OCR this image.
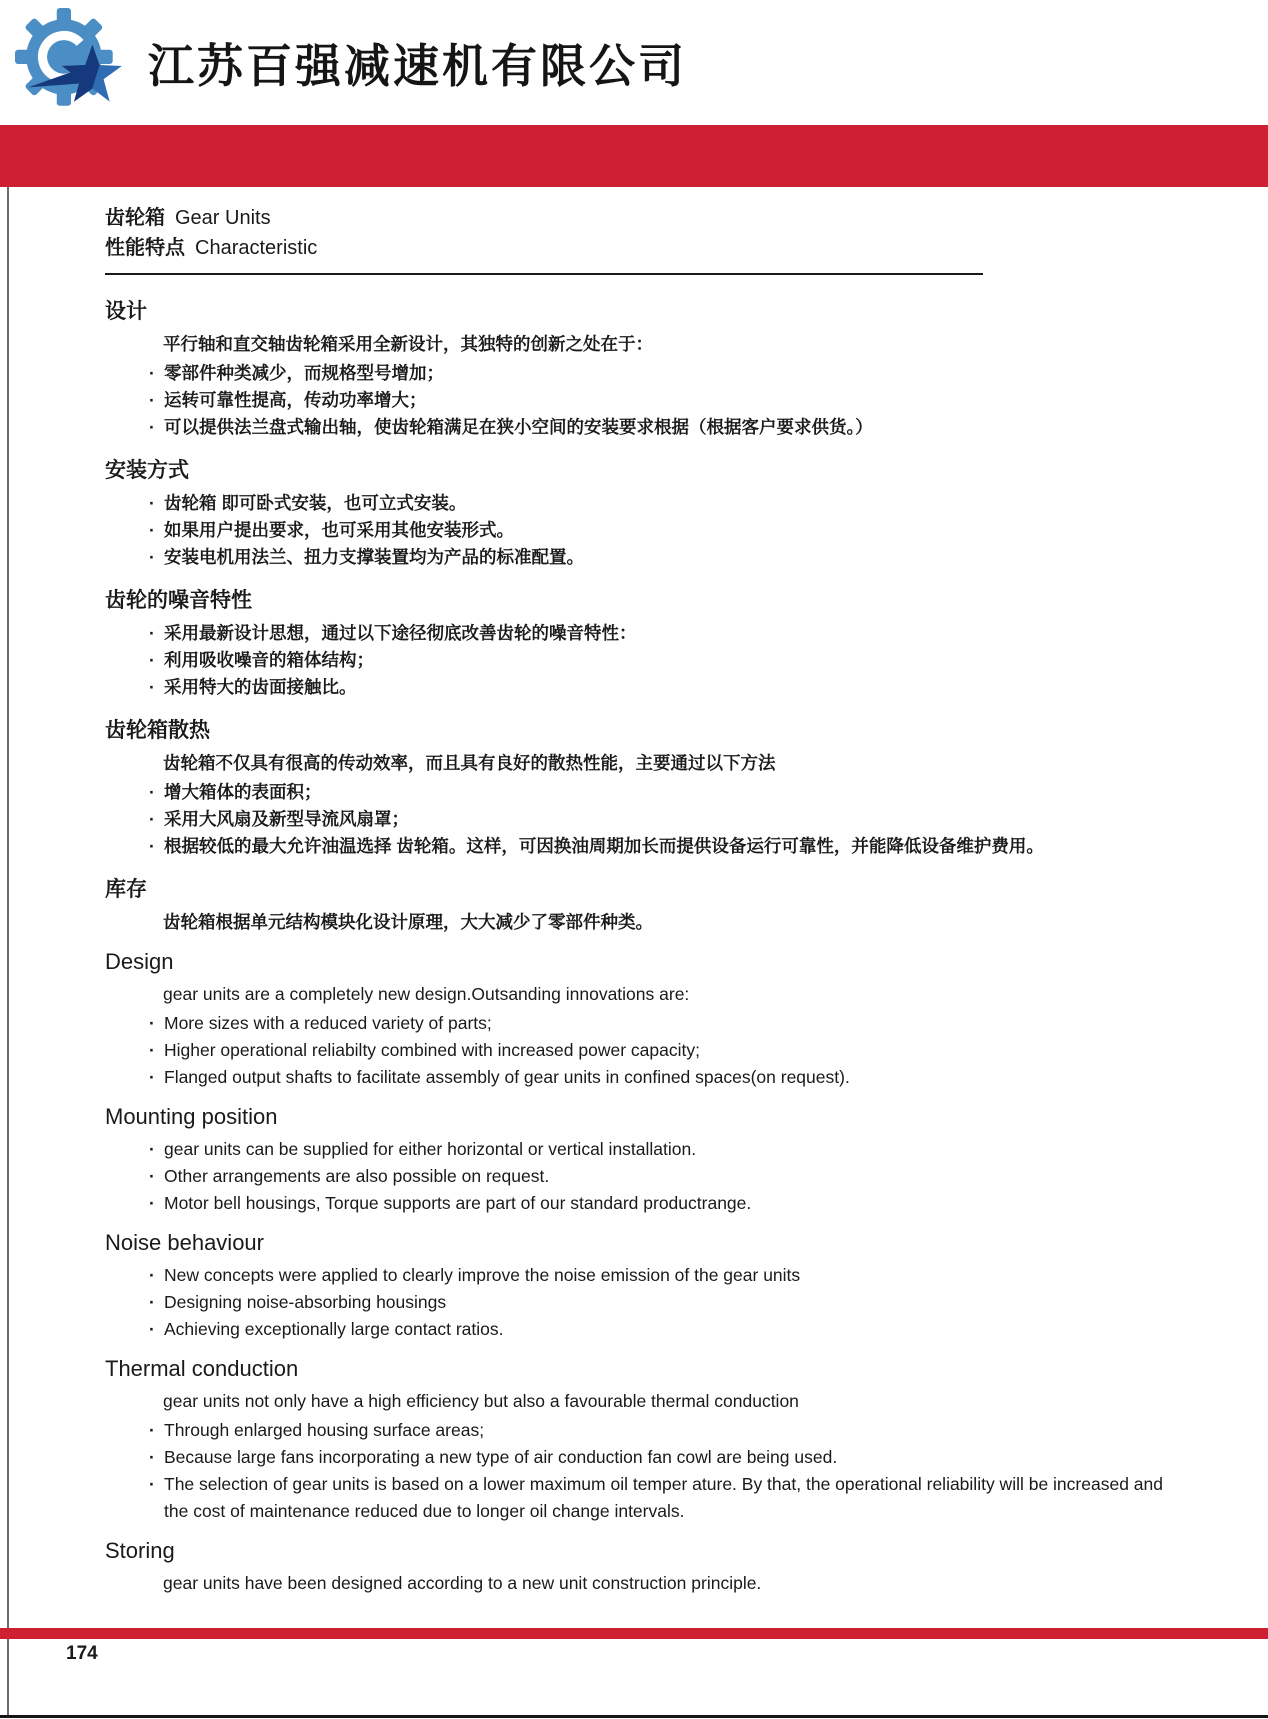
江苏百强减速机有限公司
齿轮箱 Gear Units
性能特点 Characteristic
设计

平行轴和直交轴齿轮箱采用全新设计，其独特的创新之处在于：

· 零部件种类减少，而规格型号增加；
· 运转可靠性提高，传动功率增大；
· 可以提供法兰盘式输出轴，使齿轮箱满足在狭小空间的安装要求根据（根据客户要求供货。）
安装方式
· 齿轮箱 即可卧式安装，也可立式安装。
· 如果用户提出要求，也可采用其他安装形式。
· 安装电机用法兰、扭力支撑装置均为产品的标准配置。
齿轮的噪音特性
· 采用最新设计思想，通过以下途径彻底改善齿轮的噪音特性：
· 利用吸收噪音的箱体结构；
· 采用特大的齿面接触比。
齿轮箱散热

齿轮箱不仅具有很高的传动效率，而且具有良好的散热性能，主要通过以下方法

· 增大箱体的表面积；
· 采用大风扇及新型导流风扇罩；
· 根据较低的最大允许油温选择 齿轮箱。这样，可因换油周期加长而提供设备运行可靠性，并能降低设备维护费用。
库存

齿轮箱根据单元结构模块化设计原理，大大减少了零部件种类。

Design

gear units are a completely new design.Outsanding innovations are:

· More sizes with a reduced variety of parts;
· Higher operational reliabilty combined with increased power capacity;
· Flanged output shafts to facilitate assembly of gear units in confined spaces(on request).
Mounting position
· gear units can be supplied for either horizontal or vertical installation.
· Other arrangements are also possible on request.
· Motor bell housings, Torque supports are part of our standard productrange.
Noise behaviour
· New concepts were applied to clearly improve the noise emission of the gear units
· Designing noise-absorbing housings
· Achieving exceptionally large contact ratios.
Thermal conduction

gear units not only have a high efficiency but also a favourable thermal conduction

· Through enlarged housing surface areas;
· Because large fans incorporating a new type of air conduction fan cowl are being used.
· The selection of gear units is based on a lower maximum oil temper ature. By that, the operational reliability will be increased and the cost of maintenance reduced due to longer oil change intervals.
Storing

gear units have been designed according to a new unit construction principle.

174
